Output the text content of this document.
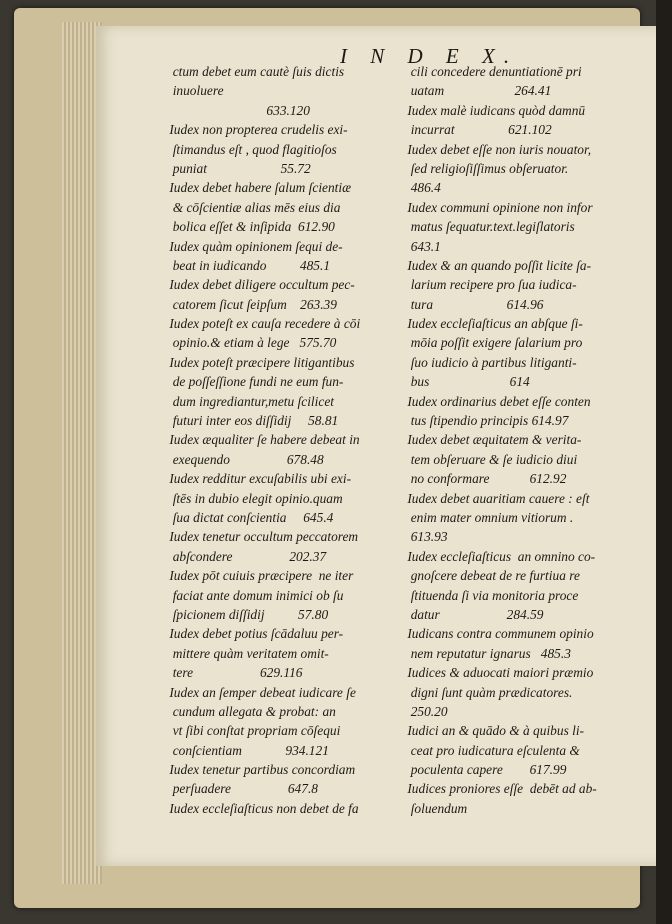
I N D E X.
ctum debet eum cautè ſuis dictis
inuoluere
633.120
Iudex non propterea crudelis exi-
ſtimandus eſt , quod flagitioſos
puniat                      55.72
Iudex debet habere ſalum ſcientiæ
& cōſcientiæ alias mēs eius dia
bolica eſſet & inſipida  612.90
Iudex quàm opinionem ſequi de-
beat in iudicando          485.1
Iudex debet diligere occultum pec-
catorem ſicut ſeipſum    263.39
Iudex poteſt ex cauſa recedere à cōi
opinio.& etiam à lege   575.70
Iudex poteſt præcipere litigantibus
de poſſeſſione fundi ne eum fun-
dum ingrediantur,metu ſcilicet
futuri inter eos diſſidij     58.81
Iudex æqualiter ſe habere debeat in
exequendo                 678.48
Iudex redditur excuſabilis ubi exi-
ſtēs in dubio elegit opinio.quam
ſua dictat conſcientia     645.4
Iudex tenetur occultum peccatorem
abſcondere                 202.37
Iudex pōt cuiuis præcipere  ne iter
faciat ante domum inimici ob ſu
ſpicionem diſſidij          57.80
Iudex debet potius ſcādaluu per-
mittere quàm veritatem omit-
tere                    629.116
Iudex an ſemper debeat iudicare ſe
cundum allegata & probat: an
vt ſibi conſtat propriam cōſequi
conſcientiam             934.121
Iudex tenetur partibus concordiam
perſuadere                 647.8
Iudex eccleſiaſticus non debet de fa
cili concedere denuntiationē pri
uatam                     264.41
Iudex malè iudicans quòd damnū
incurrat                621.102
Iudex debet eſſe non iuris nouator,
ſed religioſiſſimus obſeruator.
486.4
Iudex communi opinione non infor
matus ſequatur.text.legiſlatoris
643.1
Iudex & an quando poſſit licite ſa-
larium recipere pro ſua iudica-
tura                      614.96
Iudex eccleſiaſticus an abſque ſi-
mōia poſſit exigere ſalarium pro
ſuo iudicio à partibus litiganti-
bus                        614
Iudex ordinarius debet eſſe conten
tus ſtipendio principis 614.97
Iudex debet æquitatem & verita-
tem obſeruare & ſe iudicio diui
no conformare            612.92
Iudex debet auaritiam cauere : eſt
enim mater omnium vitiorum .
613.93
Iudex eccleſiaſticus  an omnino co-
gnoſcere debeat de re furtiua re
ſtituenda ſi via monitoria proce
datur                    284.59
Iudicans contra communem opinio
nem reputatur ignarus   485.3
Iudices & aduocati maiori præmio
digni ſunt quàm prædicatores.
250.20
Iudici an & quādo & à quibus li-
ceat pro iudicatura eſculenta &
poculenta capere        617.99
Iudices proniores eſſe  debēt ad ab-
ſoluendum
